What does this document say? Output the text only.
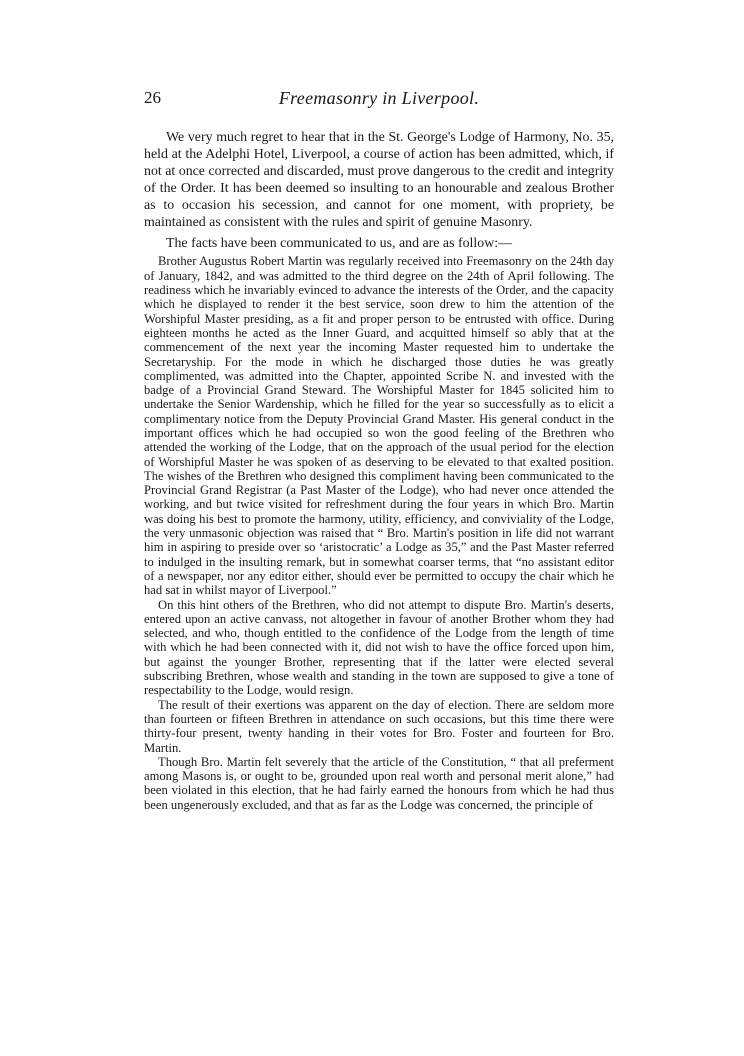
26	Freemasonry in Liverpool.

We very much regret to hear that in the St. George's Lodge of Harmony, No. 35, held at the Adelphi Hotel, Liverpool, a course of action has been admitted, which, if not at once corrected and discarded, must prove dangerous to the credit and integrity of the Order. It has been deemed so insulting to an honourable and zealous Brother as to occasion his secession, and cannot for one moment, with propriety, be maintained as consistent with the rules and spirit of genuine Masonry.

The facts have been communicated to us, and are as follow:—

Brother Augustus Robert Martin was regularly received into Freemasonry on the 24th day of January, 1842, and was admitted to the third degree on the 24th of April following. The readiness which he invariably evinced to advance the interests of the Order, and the capacity which he displayed to render it the best service, soon drew to him the attention of the Worshipful Master presiding, as a fit and proper person to be entrusted with office. During eighteen months he acted as the Inner Guard, and acquitted himself so ably that at the commencement of the next year the incoming Master requested him to undertake the Secretaryship. For the mode in which he discharged those duties he was greatly complimented, was admitted into the Chapter, appointed Scribe N. and invested with the badge of a Provincial Grand Steward. The Worshipful Master for 1845 solicited him to undertake the Senior Wardenship, which he filled for the year so successfully as to elicit a complimentary notice from the Deputy Provincial Grand Master. His general conduct in the important offices which he had occupied so won the good feeling of the Brethren who attended the working of the Lodge, that on the approach of the usual period for the election of Worshipful Master he was spoken of as deserving to be elevated to that exalted position. The wishes of the Brethren who designed this compliment having been communicated to the Provincial Grand Registrar (a Past Master of the Lodge), who had never once attended the working, and but twice visited for refreshment during the four years in which Bro. Martin was doing his best to promote the harmony, utility, efficiency, and conviviality of the Lodge, the very unmasonic objection was raised that “ Bro. Martin's position in life did not warrant him in aspiring to preside over so ‘aristocratic’ a Lodge as 35,” and the Past Master referred to indulged in the insulting remark, but in somewhat coarser terms, that “no assistant editor of a newspaper, nor any editor either, should ever be permitted to occupy the chair which he had sat in whilst mayor of Liverpool.”

On this hint others of the Brethren, who did not attempt to dispute Bro. Martin's deserts, entered upon an active canvass, not altogether in favour of another Brother whom they had selected, and who, though entitled to the confidence of the Lodge from the length of time with which he had been connected with it, did not wish to have the office forced upon him, but against the younger Brother, representing that if the latter were elected several subscribing Brethren, whose wealth and standing in the town are supposed to give a tone of respectability to the Lodge, would resign.

The result of their exertions was apparent on the day of election. There are seldom more than fourteen or fifteen Brethren in attendance on such occasions, but this time there were thirty-four present, twenty handing in their votes for Bro. Foster and fourteen for Bro. Martin.

Though Bro. Martin felt severely that the article of the Constitution, “ that all preferment among Masons is, or ought to be, grounded upon real worth and personal merit alone,” had been violated in this election, that he had fairly earned the honours from which he had thus been ungenerously excluded, and that as far as the Lodge was concerned, the principle of
